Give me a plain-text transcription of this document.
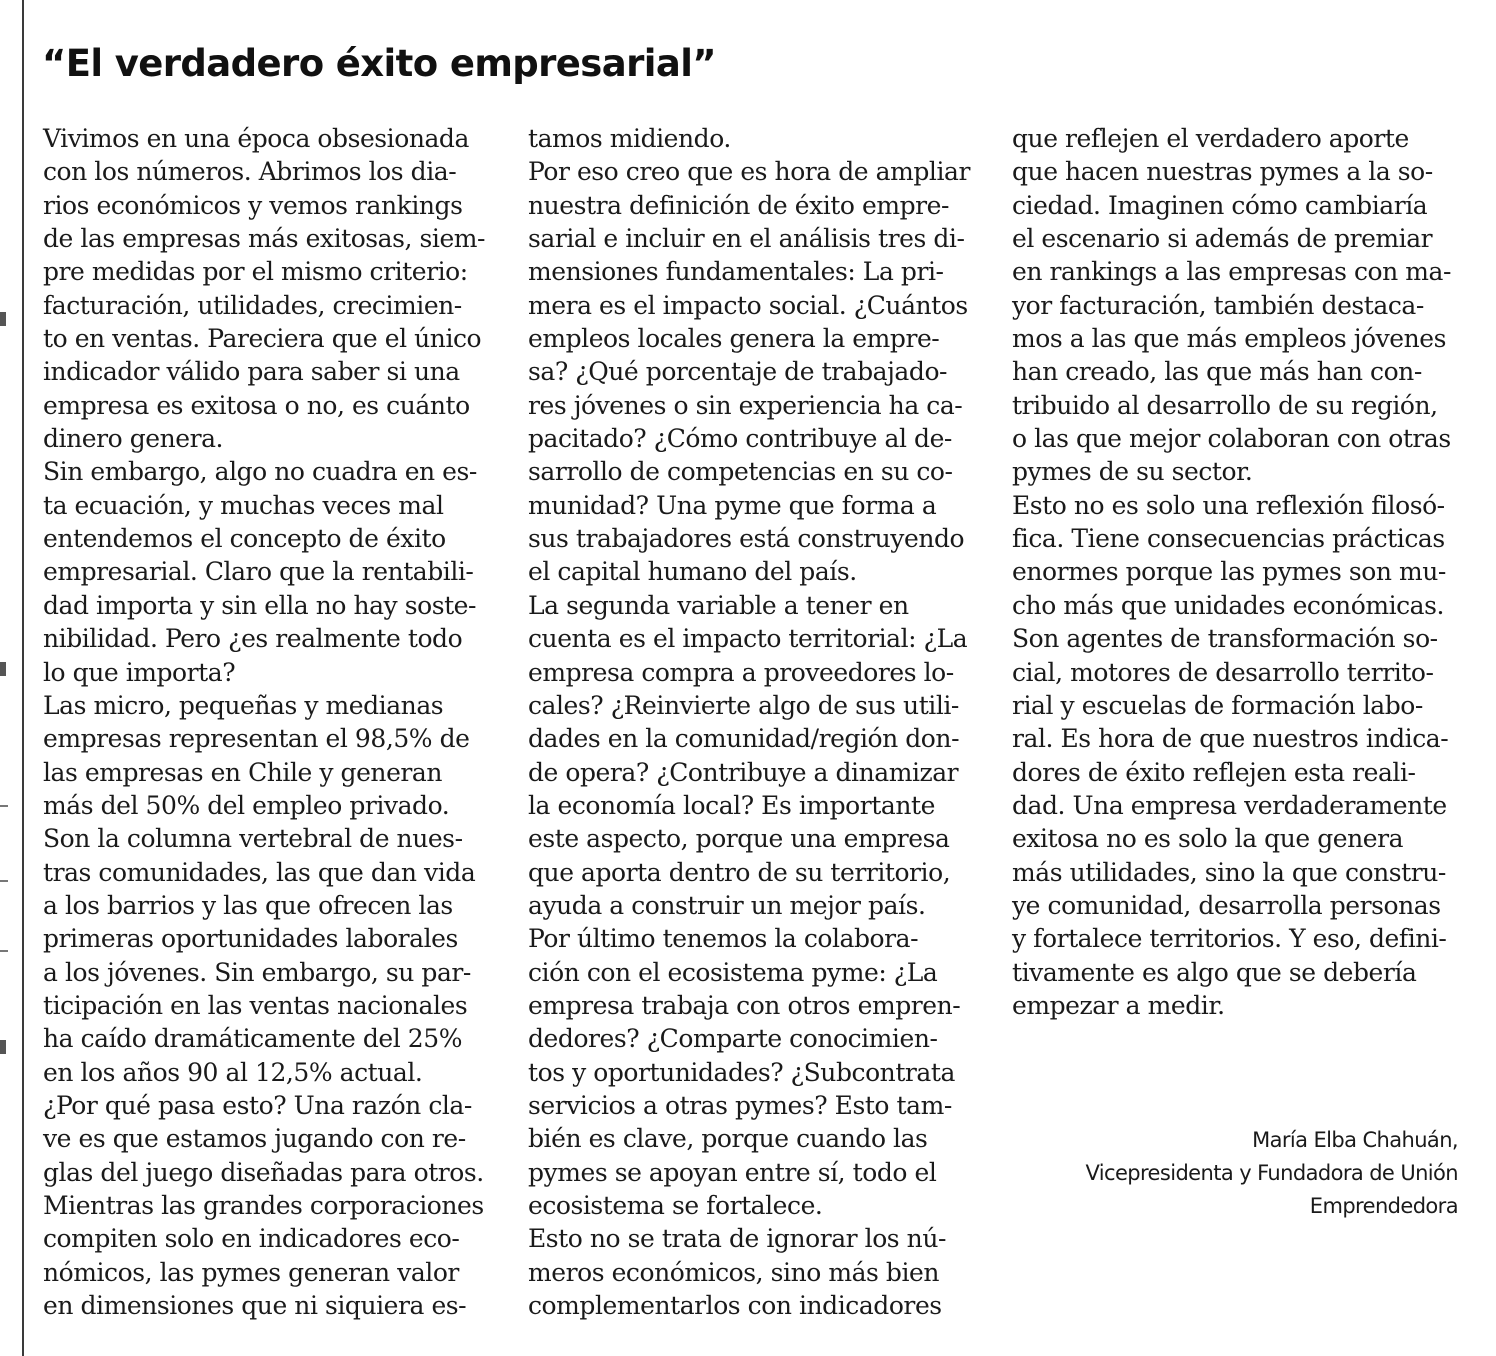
“El verdadero éxito empresarial”
Vivimos en una época obsesionada
con los números. Abrimos los dia-
rios económicos y vemos rankings
de las empresas más exitosas, siem-
pre medidas por el mismo criterio:
facturación, utilidades, crecimien-
to en ventas. Pareciera que el único
indicador válido para saber si una
empresa es exitosa o no, es cuánto
dinero genera.
Sin embargo, algo no cuadra en es-
ta ecuación, y muchas veces mal
entendemos el concepto de éxito
empresarial. Claro que la rentabili-
dad importa y sin ella no hay soste-
nibilidad. Pero ¿es realmente todo
lo que importa?
Las micro, pequeñas y medianas
empresas representan el 98,5% de
las empresas en Chile y generan
más del 50% del empleo privado.
Son la columna vertebral de nues-
tras comunidades, las que dan vida
a los barrios y las que ofrecen las
primeras oportunidades laborales
a los jóvenes. Sin embargo, su par-
ticipación en las ventas nacionales
ha caído dramáticamente del 25%
en los años 90 al 12,5% actual.
¿Por qué pasa esto? Una razón cla-
ve es que estamos jugando con re-
glas del juego diseñadas para otros.
Mientras las grandes corporaciones
compiten solo en indicadores eco-
nómicos, las pymes generan valor
en dimensiones que ni siquiera es-
tamos midiendo.
Por eso creo que es hora de ampliar
nuestra definición de éxito empre-
sarial e incluir en el análisis tres di-
mensiones fundamentales: La pri-
mera es el impacto social. ¿Cuántos
empleos locales genera la empre-
sa? ¿Qué porcentaje de trabajado-
res jóvenes o sin experiencia ha ca-
pacitado? ¿Cómo contribuye al de-
sarrollo de competencias en su co-
munidad? Una pyme que forma a
sus trabajadores está construyendo
el capital humano del país.
La segunda variable a tener en
cuenta es el impacto territorial: ¿La
empresa compra a proveedores lo-
cales? ¿Reinvierte algo de sus utili-
dades en la comunidad/región don-
de opera? ¿Contribuye a dinamizar
la economía local? Es importante
este aspecto, porque una empresa
que aporta dentro de su territorio,
ayuda a construir un mejor país.
Por último tenemos la colabora-
ción con el ecosistema pyme: ¿La
empresa trabaja con otros empren-
dedores? ¿Comparte conocimien-
tos y oportunidades? ¿Subcontrata
servicios a otras pymes? Esto tam-
bién es clave, porque cuando las
pymes se apoyan entre sí, todo el
ecosistema se fortalece.
Esto no se trata de ignorar los nú-
meros económicos, sino más bien
complementarlos con indicadores
que reflejen el verdadero aporte
que hacen nuestras pymes a la so-
ciedad. Imaginen cómo cambiaría
el escenario si además de premiar
en rankings a las empresas con ma-
yor facturación, también destaca-
mos a las que más empleos jóvenes
han creado, las que más han con-
tribuido al desarrollo de su región,
o las que mejor colaboran con otras
pymes de su sector.
Esto no es solo una reflexión filosó-
fica. Tiene consecuencias prácticas
enormes porque las pymes son mu-
cho más que unidades económicas.
Son agentes de transformación so-
cial, motores de desarrollo territo-
rial y escuelas de formación labo-
ral. Es hora de que nuestros indica-
dores de éxito reflejen esta reali-
dad. Una empresa verdaderamente
exitosa no es solo la que genera
más utilidades, sino la que constru-
ye comunidad, desarrolla personas
y fortalece territorios. Y eso, defini-
tivamente es algo que se debería
empezar a medir.
María Elba Chahuán,
Vicepresidenta y Fundadora de Unión
Emprendedora
